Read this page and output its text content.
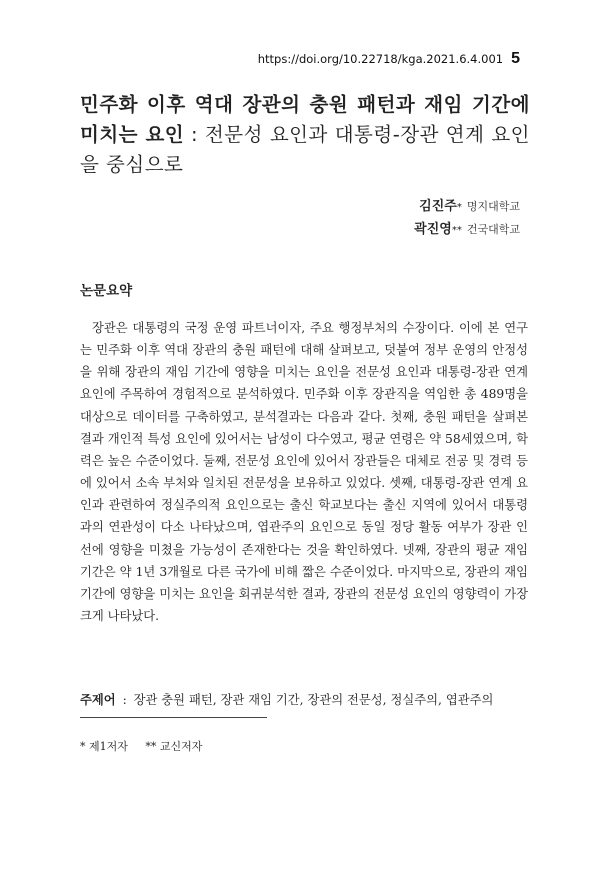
https://doi.org/10.22718/kga.2021.6.4.001 5
민주화 이후 역대 장관의 충원 패턴과 재임 기간에 미치는 요인 : 전문성 요인과 대통령-장관 연계 요인을 중심으로
김진주* 명지대학교
곽진영** 건국대학교
논문요약
장관은 대통령의 국정 운영 파트너이자, 주요 행정부처의 수장이다. 이에 본 연구는 민주화 이후 역대 장관의 충원 패턴에 대해 살펴보고, 덧붙여 정부 운영의 안정성을 위해 장관의 재임 기간에 영향을 미치는 요인을 전문성 요인과 대통령-장관 연계 요인에 주목하여 경험적으로 분석하였다. 민주화 이후 장관직을 역임한 총 489명을 대상으로 데이터를 구축하였고, 분석결과는 다음과 같다. 첫째, 충원 패턴을 살펴본 결과 개인적 특성 요인에 있어서는 남성이 다수였고, 평균 연령은 약 58세였으며, 학력은 높은 수준이었다. 둘째, 전문성 요인에 있어서 장관들은 대체로 전공 및 경력 등에 있어서 소속 부처와 일치된 전문성을 보유하고 있었다. 셋째, 대통령-장관 연계 요인과 관련하여 정실주의적 요인으로는 출신 학교보다는 출신 지역에 있어서 대통령과의 연관성이 다소 나타났으며, 엽관주의 요인으로 동일 정당 활동 여부가 장관 인선에 영향을 미쳤을 가능성이 존재한다는 것을 확인하였다. 넷째, 장관의 평균 재임 기간은 약 1년 3개월로 다른 국가에 비해 짧은 수준이었다. 마지막으로, 장관의 재임 기간에 영향을 미치는 요인을 회귀분석한 결과, 장관의 전문성 요인의 영향력이 가장 크게 나타났다.
주제어 : 장관 충원 패턴, 장관 재임 기간, 장관의 전문성, 정실주의, 엽관주의
* 제1저자 ** 교신저자
